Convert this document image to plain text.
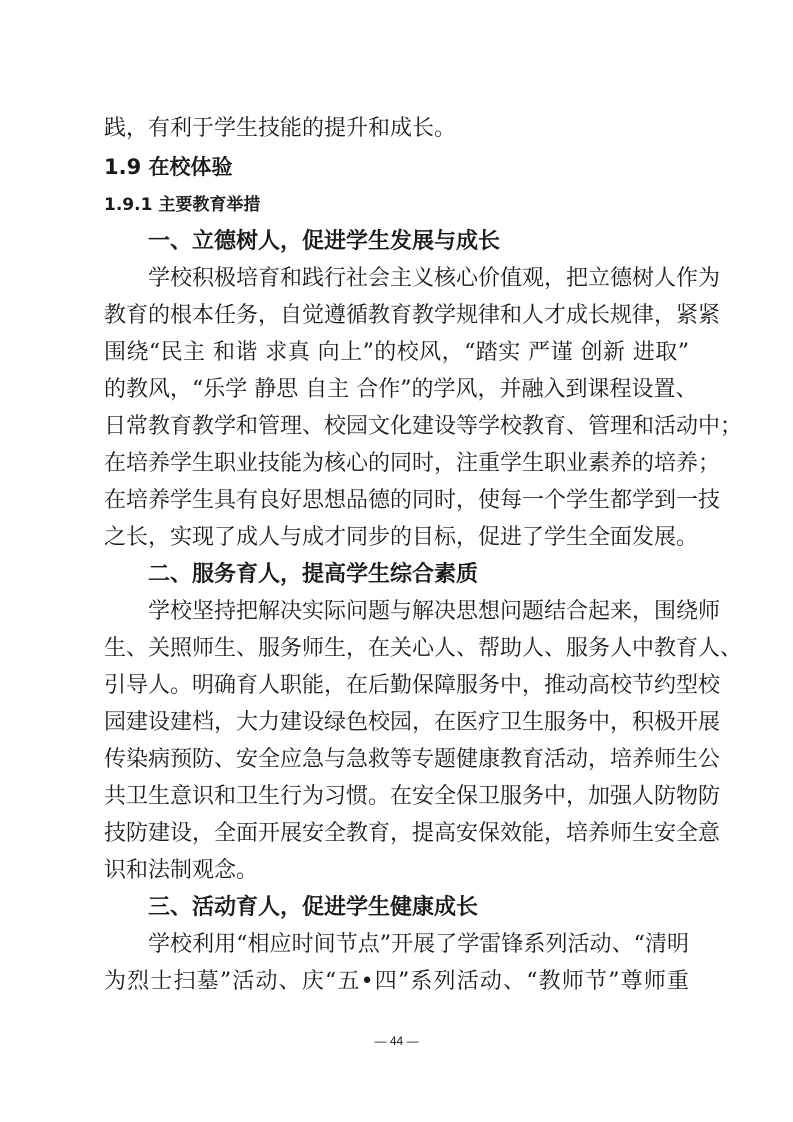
践，有利于学生技能的提升和成长。
1.9 在校体验
1.9.1 主要教育举措
一、立德树人，促进学生发展与成长
学校积极培育和践行社会主义核心价值观，把立德树人作为
教育的根本任务，自觉遵循教育教学规律和人才成长规律，紧紧
围绕“民主 和谐 求真 向上”的校风，“踏实 严谨 创新 进取”
的教风，“乐学 静思 自主 合作”的学风，并融入到课程设置、
日常教育教学和管理、校园文化建设等学校教育、管理和活动中；
在培养学生职业技能为核心的同时，注重学生职业素养的培养；
在培养学生具有良好思想品德的同时，使每一个学生都学到一技
之长，实现了成人与成才同步的目标，促进了学生全面发展。
二、服务育人，提高学生综合素质
学校坚持把解决实际问题与解决思想问题结合起来，围绕师
生、关照师生、服务师生，在关心人、帮助人、服务人中教育人、
引导人。明确育人职能，在后勤保障服务中，推动高校节约型校
园建设建档，大力建设绿色校园，在医疗卫生服务中，积极开展
传染病预防、安全应急与急救等专题健康教育活动，培养师生公
共卫生意识和卫生行为习惯。在安全保卫服务中，加强人防物防
技防建设，全面开展安全教育，提高安保效能，培养师生安全意
识和法制观念。
三、活动育人，促进学生健康成长
学校利用“相应时间节点”开展了学雷锋系列活动、“清明
为烈士扫墓”活动、庆“五•四”系列活动、“教师节”尊师重
— 44 —
